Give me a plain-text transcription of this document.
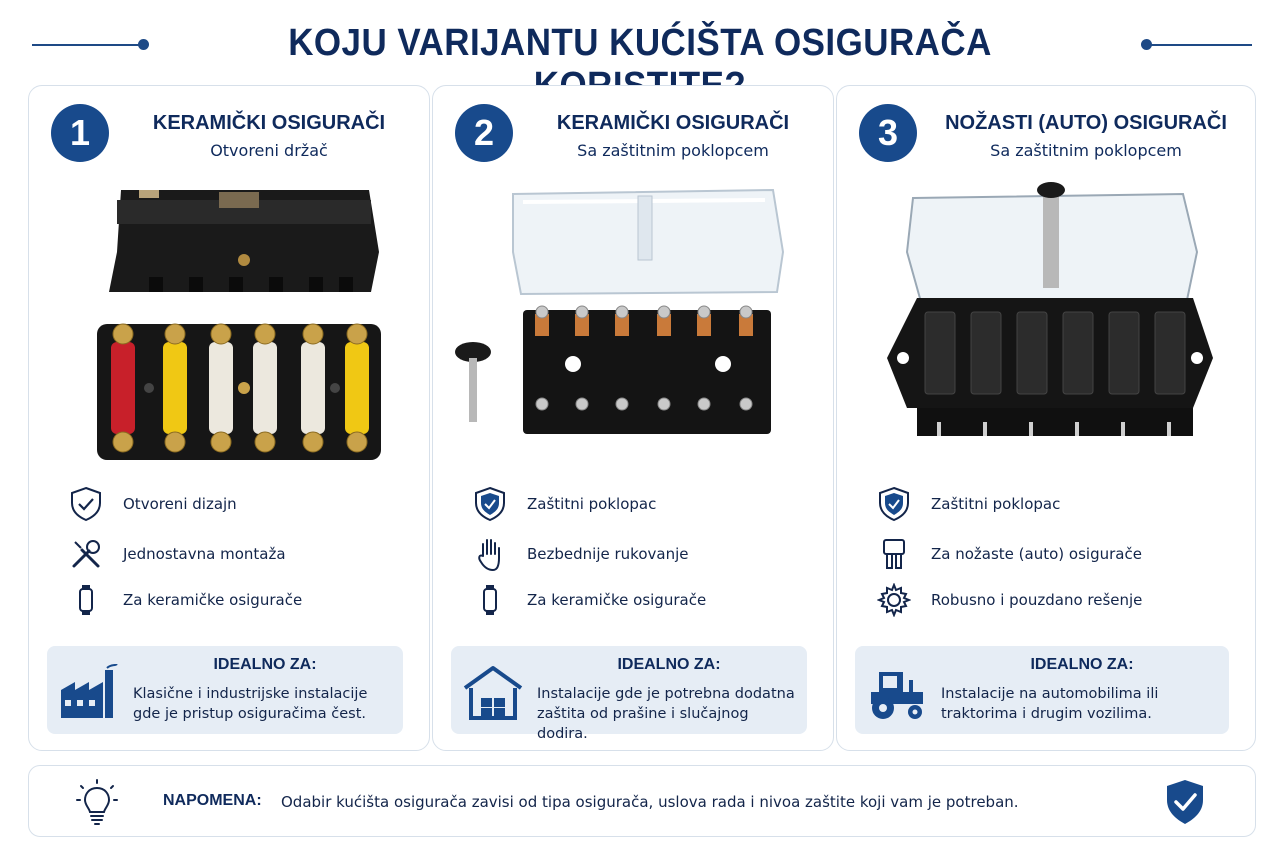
KOJU VARIJANTU KUĆIŠTA OSIGURAČA
1	KERAMIČKI OSIGURAČI
Otvoreni držač
Otvoreni dizajn
Jednostavna montaža
Za keramičke osigurače
IDEALNO ZA:
Klasične i industrijske instalacije gde je pristup osiguračima čest.
2	KERAMIČKI OSIGURAČI
Sa zaštitnim poklopcem
Zaštitni poklopac
Bezbednije rukovanje
Za keramičke osigurače
IDEALNO ZA:
Instalacije gde je potrebna dodatna zaštita od prašine i slučajnog dodira.
3	NOŽASTI (AUTO) OSIGURAČI
Sa zaštitnim poklopcem
Zaštitni poklopac
Za nožaste (auto) osigurače
Robusno i pouzdano rešenje
IDEALNO ZA:
Instalacije na automobilima ili traktorima i drugim vozilima.
NAPOMENA: Odabir kućišta osigurača zavisi od tipa osigurača, uslova rada i nivoa zaštite koji vam je potreban.
